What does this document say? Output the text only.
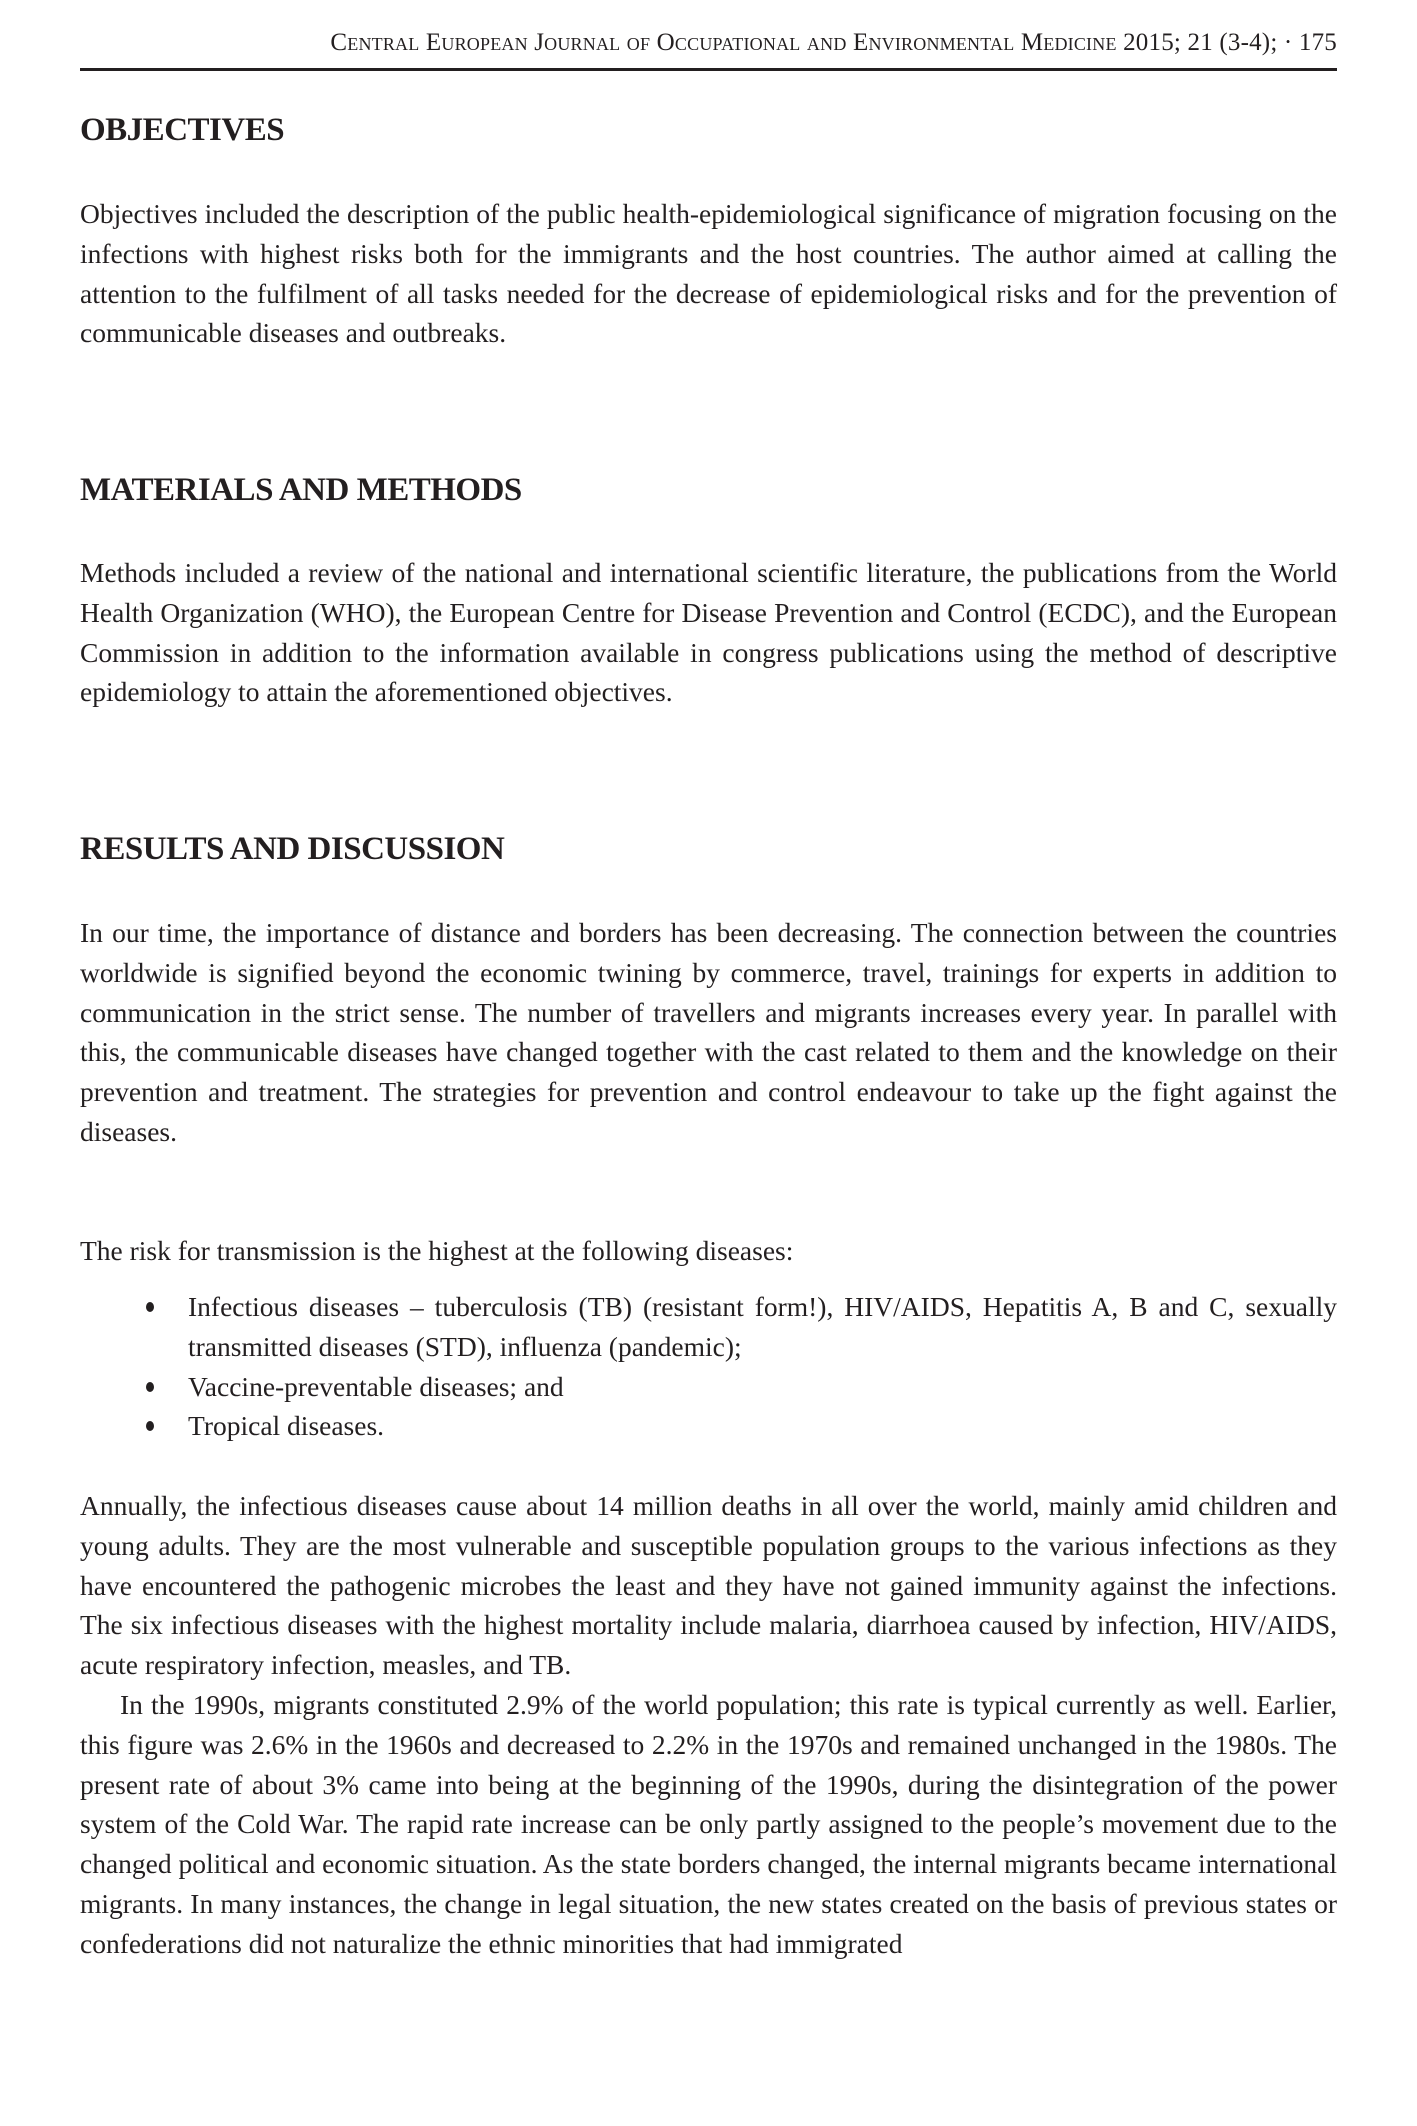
Central European Journal of Occupational and Environmental Medicine 2015; 21 (3-4); · 175
OBJECTIVES

Objectives included the description of the public health-epidemiological significance of migration focusing on the infections with highest risks both for the immigrants and the host countries. The author aimed at calling the attention to the fulfilment of all tasks needed for the decrease of epidemiological risks and for the prevention of communicable diseases and outbreaks.

MATERIALS AND METHODS

Methods included a review of the national and international scientific literature, the publications from the World Health Organization (WHO), the European Centre for Disease Prevention and Control (ECDC), and the European Commission in addition to the information available in congress publications using the method of descriptive epidemiology to attain the aforementioned objectives.

RESULTS AND DISCUSSION

In our time, the importance of distance and borders has been decreasing. The connection between the countries worldwide is signified beyond the economic twining by commerce, travel, trainings for experts in addition to communication in the strict sense. The number of travellers and migrants increases every year. In parallel with this, the communicable diseases have changed together with the cast related to them and the knowledge on their prevention and treatment. The strategies for prevention and control endeavour to take up the fight against the diseases.

The risk for transmission is the highest at the following diseases:

Infectious diseases – tuberculosis (TB) (resistant form!), HIV/AIDS, Hepatitis A, B and C, sexually transmitted diseases (STD), influenza (pandemic);
Vaccine-preventable diseases; and
Tropical diseases.

Annually, the infectious diseases cause about 14 million deaths in all over the world, mainly amid children and young adults. They are the most vulnerable and susceptible population groups to the various infections as they have encountered the pathogenic microbes the least and they have not gained immunity against the infections. The six infectious diseases with the highest mortality include malaria, diarrhoea caused by infection, HIV/AIDS, acute respiratory infection, measles, and TB.

In the 1990s, migrants constituted 2.9% of the world population; this rate is typical currently as well. Earlier, this figure was 2.6% in the 1960s and decreased to 2.2% in the 1970s and remained unchanged in the 1980s. The present rate of about 3% came into being at the beginning of the 1990s, during the disintegration of the power system of the Cold War. The rapid rate increase can be only partly assigned to the people’s movement due to the changed political and economic situation. As the state borders changed, the internal migrants became international migrants. In many instances, the change in legal situation, the new states created on the basis of previous states or confederations did not naturalize the ethnic minorities that had immigrated
